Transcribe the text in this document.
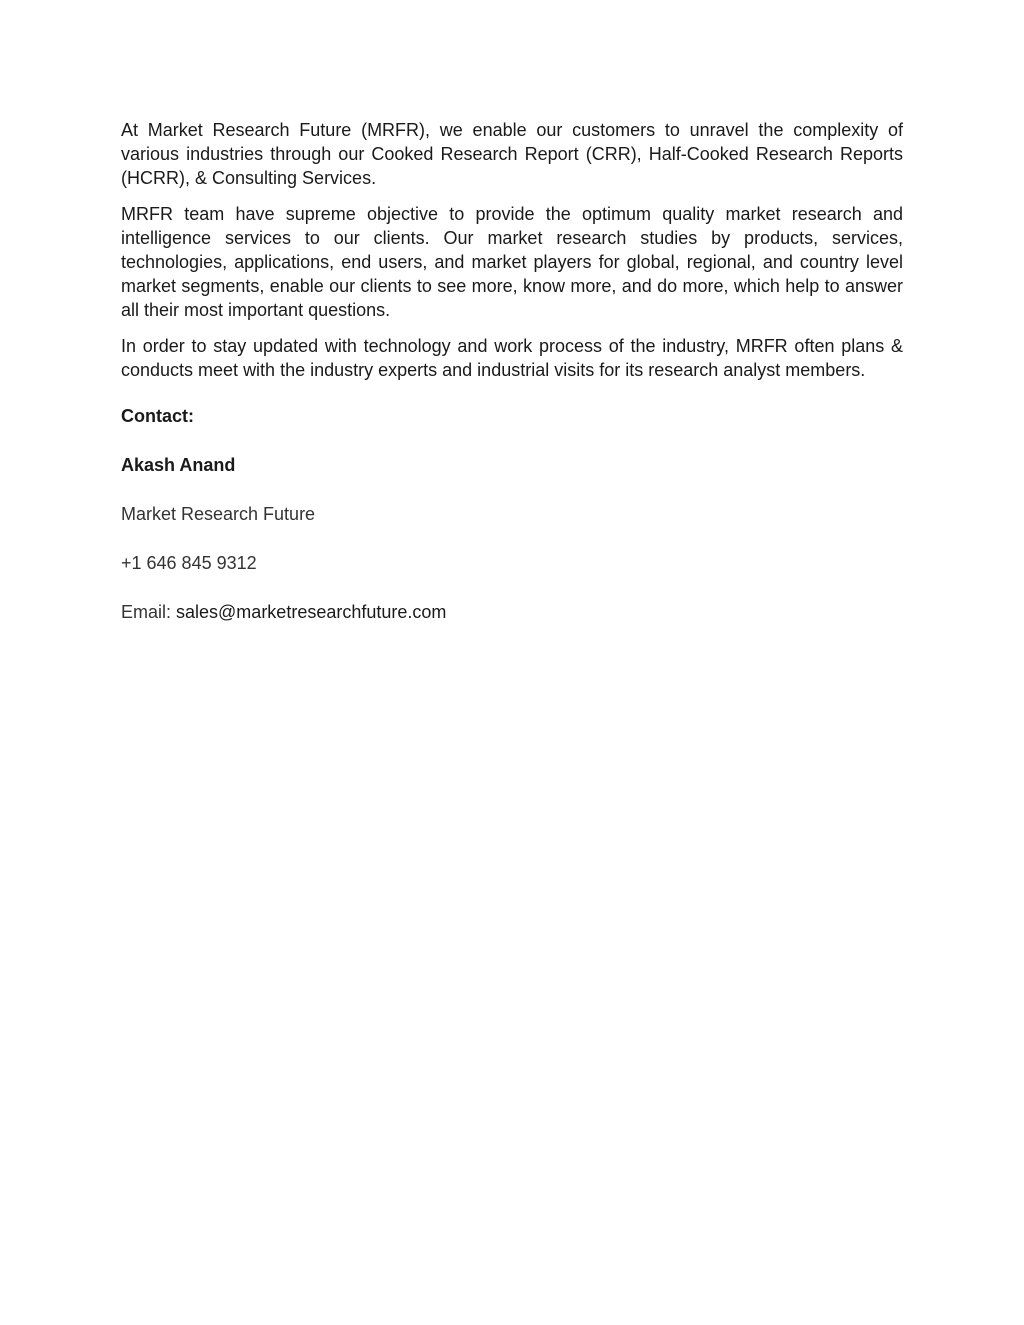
At Market Research Future (MRFR), we enable our customers to unravel the complexity of various industries through our Cooked Research Report (CRR), Half-Cooked Research Reports (HCRR), & Consulting Services.

MRFR team have supreme objective to provide the optimum quality market research and intelligence services to our clients. Our market research studies by products, services, technologies, applications, end users, and market players for global, regional, and country level market segments, enable our clients to see more, know more, and do more, which help to answer all their most important questions.

In order to stay updated with technology and work process of the industry, MRFR often plans & conducts meet with the industry experts and industrial visits for its research analyst members.

Contact:
Akash Anand
Market Research Future
+1 646 845 9312
Email: sales@marketresearchfuture.com
